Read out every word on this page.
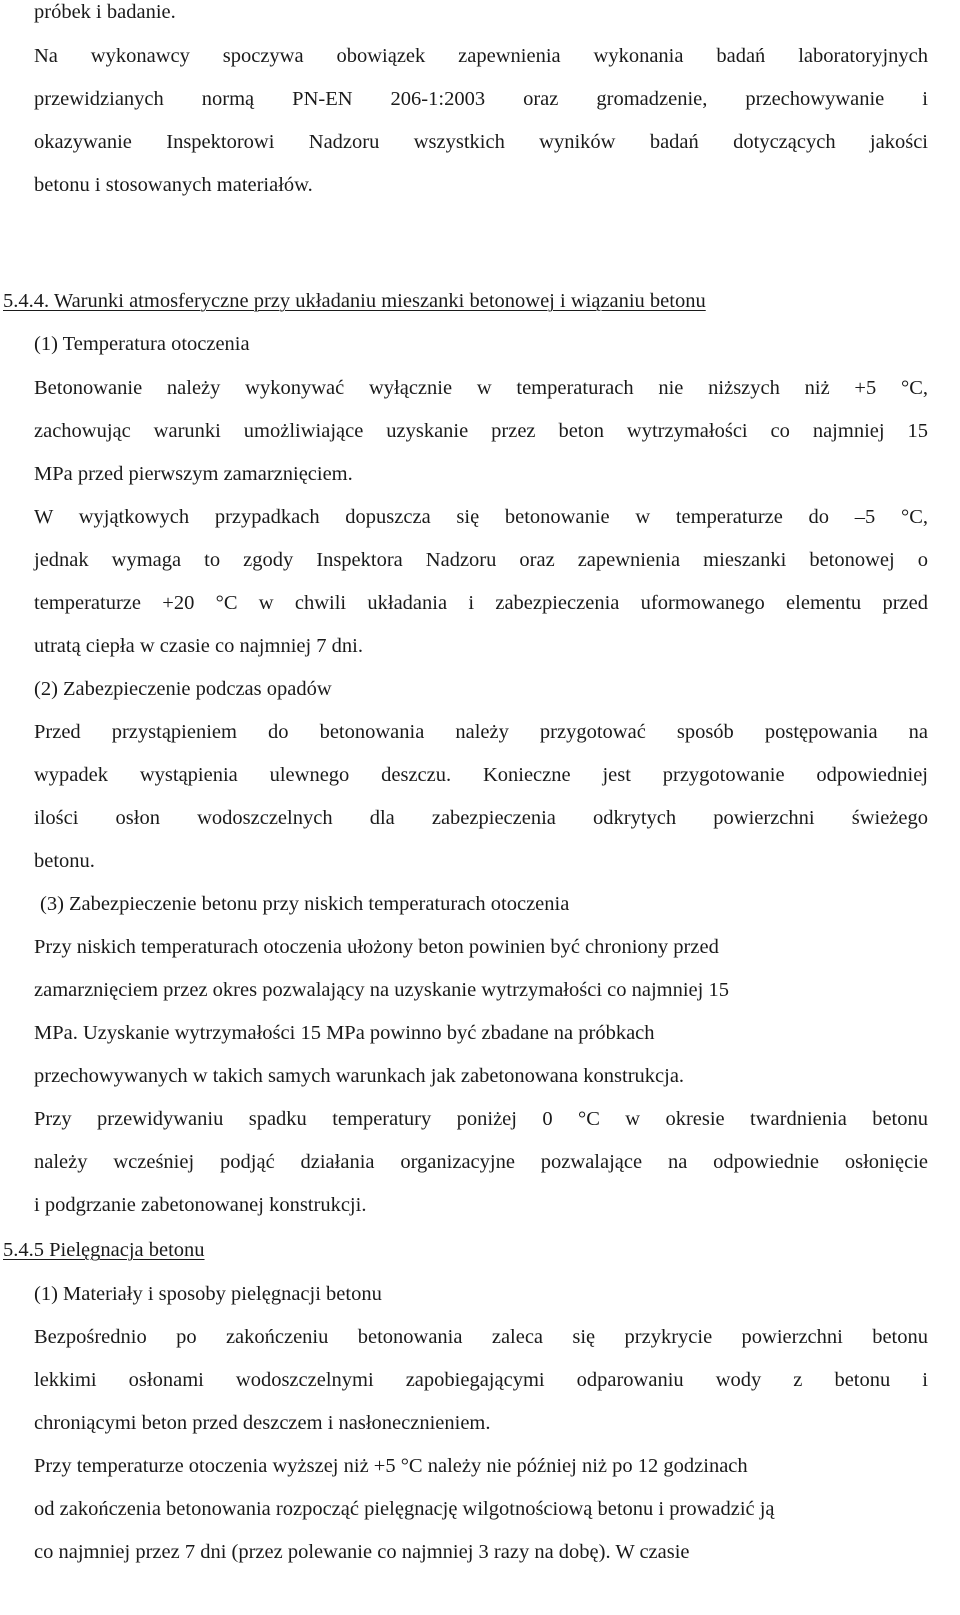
próbek i badanie.
Na wykonawcy spoczywa obowiązek zapewnienia wykonania badań laboratoryjnych
przewidzianych normą PN-EN 206-1:2003 oraz gromadzenie, przechowywanie i
okazywanie Inspektorowi Nadzoru wszystkich wyników badań dotyczących jakości
betonu i stosowanych materiałów.
5.4.4. Warunki atmosferyczne przy układaniu mieszanki betonowej i wiązaniu betonu
(1) Temperatura otoczenia
Betonowanie należy wykonywać wyłącznie w temperaturach nie niższych niż +5 °C,
zachowując warunki umożliwiające uzyskanie przez beton wytrzymałości co najmniej 15
MPa przed pierwszym zamarznięciem.
W wyjątkowych przypadkach dopuszcza się betonowanie w temperaturze do –5 °C,
jednak wymaga to zgody Inspektora Nadzoru oraz zapewnienia mieszanki betonowej o
temperaturze +20 °C w chwili układania i zabezpieczenia uformowanego elementu przed
utratą ciepła w czasie co najmniej 7 dni.
(2) Zabezpieczenie podczas opadów
Przed przystąpieniem do betonowania należy przygotować sposób postępowania na
wypadek wystąpienia ulewnego deszczu. Konieczne jest przygotowanie odpowiedniej
ilości osłon wodoszczelnych dla zabezpieczenia odkrytych powierzchni świeżego
betonu.
(3) Zabezpieczenie betonu przy niskich temperaturach otoczenia
Przy niskich temperaturach otoczenia ułożony beton powinien być chroniony przed
zamarznięciem przez okres pozwalający na uzyskanie wytrzymałości co najmniej 15
MPa. Uzyskanie wytrzymałości 15 MPa powinno być zbadane na próbkach
przechowywanych w takich samych warunkach jak zabetonowana konstrukcja.
Przy przewidywaniu spadku temperatury poniżej 0 °C w okresie twardnienia betonu
należy wcześniej podjąć działania organizacyjne pozwalające na odpowiednie osłonięcie
i podgrzanie zabetonowanej konstrukcji.
5.4.5 Pielęgnacja betonu
(1) Materiały i sposoby pielęgnacji betonu
Bezpośrednio po zakończeniu betonowania zaleca się przykrycie powierzchni betonu
lekkimi osłonami wodoszczelnymi zapobiegającymi odparowaniu wody z betonu i
chroniącymi beton przed deszczem i nasłonecznieniem.
Przy temperaturze otoczenia wyższej niż +5 °C należy nie później niż po 12 godzinach
od zakończenia betonowania rozpocząć pielęgnację wilgotnościową betonu i prowadzić ją
co najmniej przez 7 dni (przez polewanie co najmniej 3 razy na dobę). W czasie
